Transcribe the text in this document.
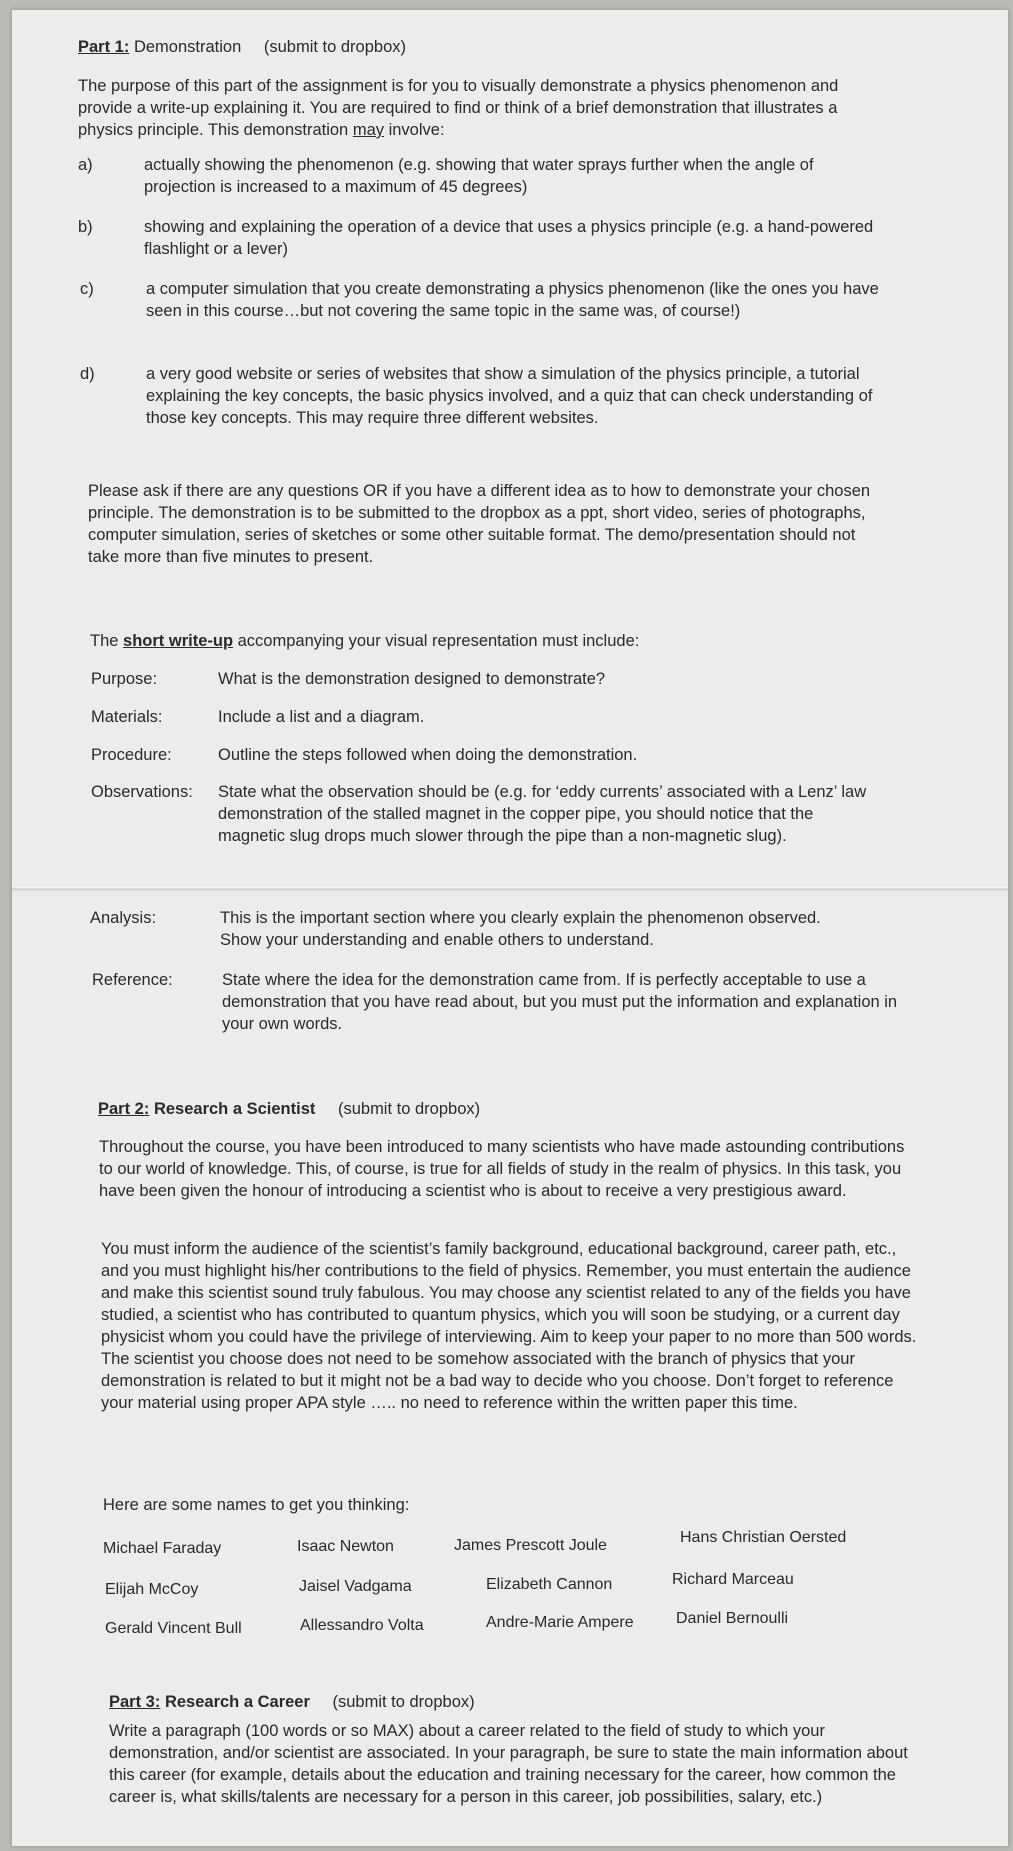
Part 1: Demonstration (submit to dropbox)

The purpose of this part of the assignment is for you to visually demonstrate a physics phenomenon and provide a write-up explaining it. You are required to find or think of a brief demonstration that illustrates a physics principle. This demonstration may involve:

a)	actually showing the phenomenon (e.g. showing that water sprays further when the angle of projection is increased to a maximum of 45 degrees)
b)	showing and explaining the operation of a device that uses a physics principle (e.g. a hand-powered flashlight or a lever)
c)	a computer simulation that you create demonstrating a physics phenomenon (like the ones you have seen in this course…but not covering the same topic in the same was, of course!)
d)	a very good website or series of websites that show a simulation of the physics principle, a tutorial explaining the key concepts, the basic physics involved, and a quiz that can check understanding of those key concepts. This may require three different websites.

Please ask if there are any questions OR if you have a different idea as to how to demonstrate your chosen principle. The demonstration is to be submitted to the dropbox as a ppt, short video, series of photographs, computer simulation, series of sketches or some other suitable format. The demo/presentation should not take more than five minutes to present.

The short write-up accompanying your visual representation must include:

Purpose:	What is the demonstration designed to demonstrate?
Materials:	Include a list and a diagram.
Procedure:	Outline the steps followed when doing the demonstration.
Observations: State what the observation should be (e.g. for ‘eddy currents’ associated with a Lenz’ law demonstration of the stalled magnet in the copper pipe, you should notice that the magnetic slug drops much slower through the pipe than a non-magnetic slug).
Analysis:	This is the important section where you clearly explain the phenomenon observed. Show your understanding and enable others to understand.
Reference:	State where the idea for the demonstration came from. If is perfectly acceptable to use a demonstration that you have read about, but you must put the information and explanation in your own words.
Part 2: Research a Scientist (submit to dropbox)

Throughout the course, you have been introduced to many scientists who have made astounding contributions to our world of knowledge. This, of course, is true for all fields of study in the realm of physics. In this task, you have been given the honour of introducing a scientist who is about to receive a very prestigious award.

You must inform the audience of the scientist’s family background, educational background, career path, etc., and you must highlight his/her contributions to the field of physics. Remember, you must entertain the audience and make this scientist sound truly fabulous. You may choose any scientist related to any of the fields you have studied, a scientist who has contributed to quantum physics, which you will soon be studying, or a current day physicist whom you could have the privilege of interviewing. Aim to keep your paper to no more than 500 words. The scientist you choose does not need to be somehow associated with the branch of physics that your demonstration is related to but it might not be a bad way to decide who you choose. Don’t forget to reference your material using proper APA style ….. no need to reference within the written paper this time.

Here are some names to get you thinking:

Michael Faraday	Isaac Newton	James Prescott Joule	Hans Christian Oersted
Elijah McCoy	Jaisel Vadgama	Elizabeth Cannon	Richard Marceau
Gerald Vincent Bull	Allessandro Volta	Andre-Marie Ampere	Daniel Bernoulli
Part 3: Research a Career (submit to dropbox)

Write a paragraph (100 words or so MAX) about a career related to the field of study to which your demonstration, and/or scientist are associated. In your paragraph, be sure to state the main information about this career (for example, details about the education and training necessary for the career, how common the career is, what skills/talents are necessary for a person in this career, job possibilities, salary, etc.)
